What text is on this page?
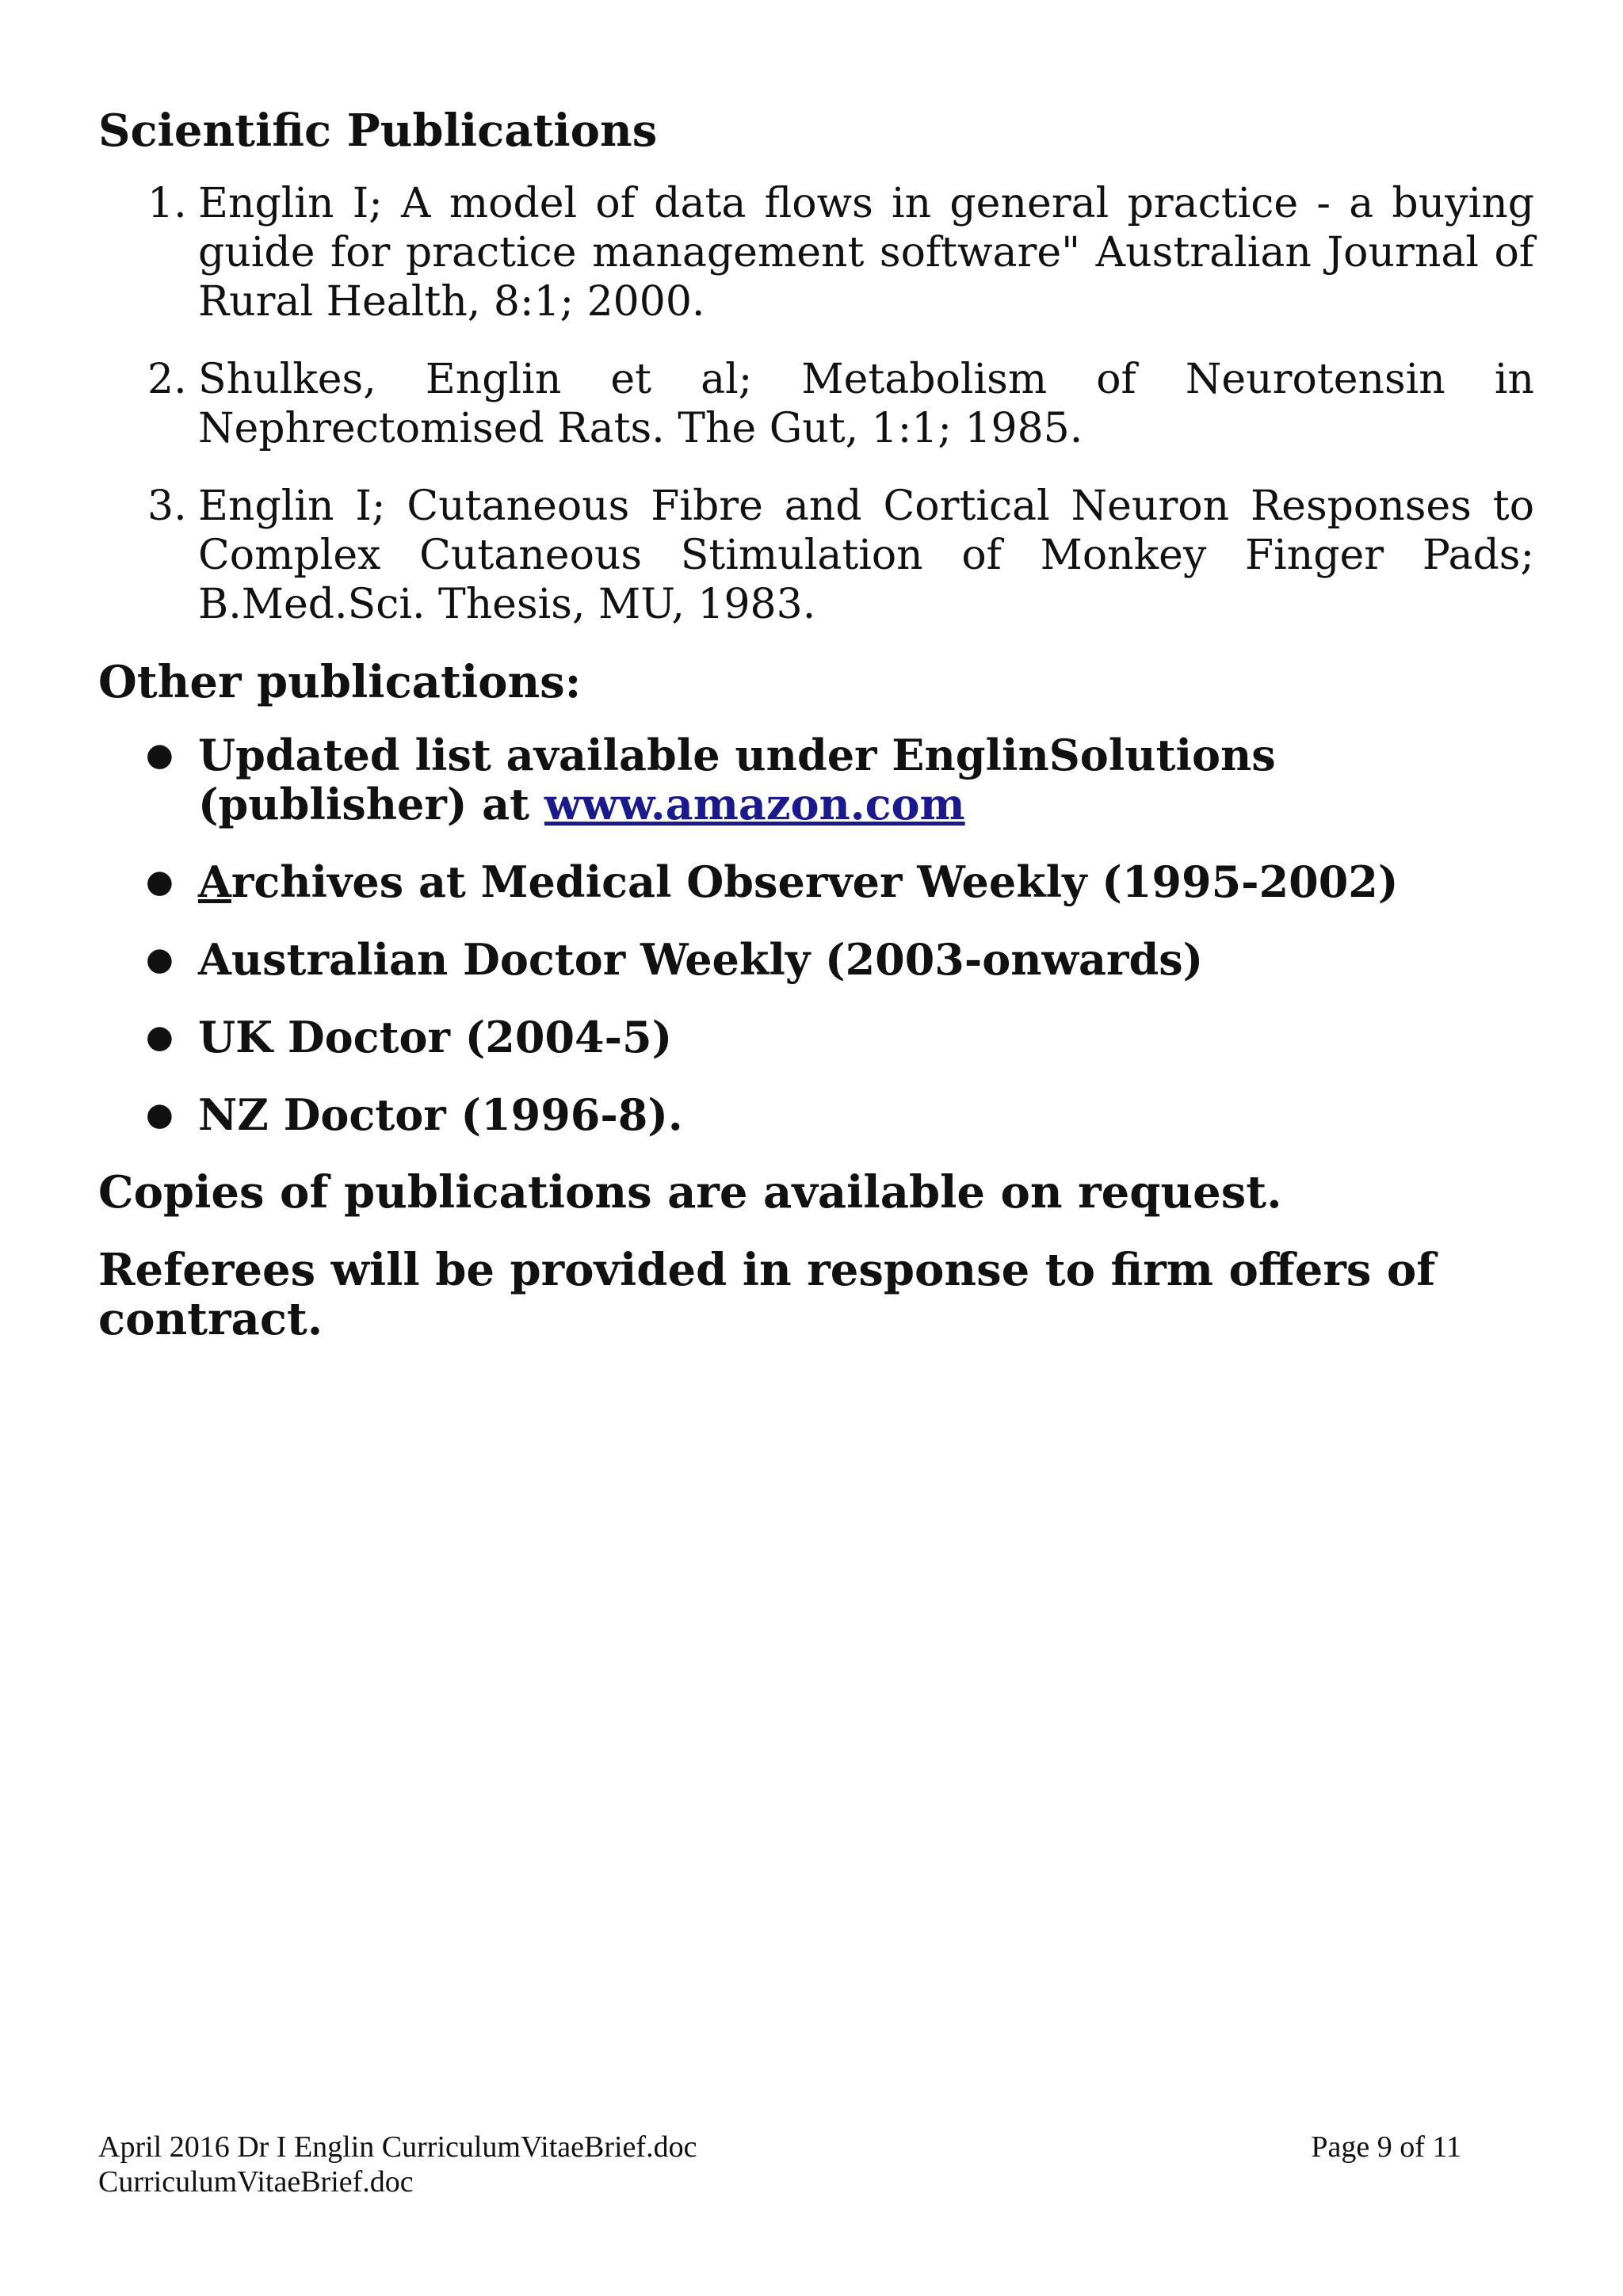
Scientific Publications
1. Englin I; A model of data flows in general practice - a buying guide for practice management software" Australian Journal of Rural Health, 8:1; 2000.
2. Shulkes, Englin et al; Metabolism of Neurotensin in Nephrectomised Rats. The Gut, 1:1; 1985.
3. Englin I; Cutaneous Fibre and Cortical Neuron Responses to Complex Cutaneous Stimulation of Monkey Finger Pads; B.Med.Sci. Thesis, MU, 1983.
Other publications:
● Updated list available under EnglinSolutions (publisher) at www.amazon.com
● Archives at Medical Observer Weekly (1995-2002)
● Australian Doctor Weekly (2003-onwards)
● UK Doctor (2004-5)
● NZ Doctor (1996-8).

Copies of publications are available on request.

Referees will be provided in response to firm offers of contract.

April 2016 Dr I Englin CurriculumVitaeBrief.doc
CurriculumVitaeBrief.doc
Page 9 of 11
